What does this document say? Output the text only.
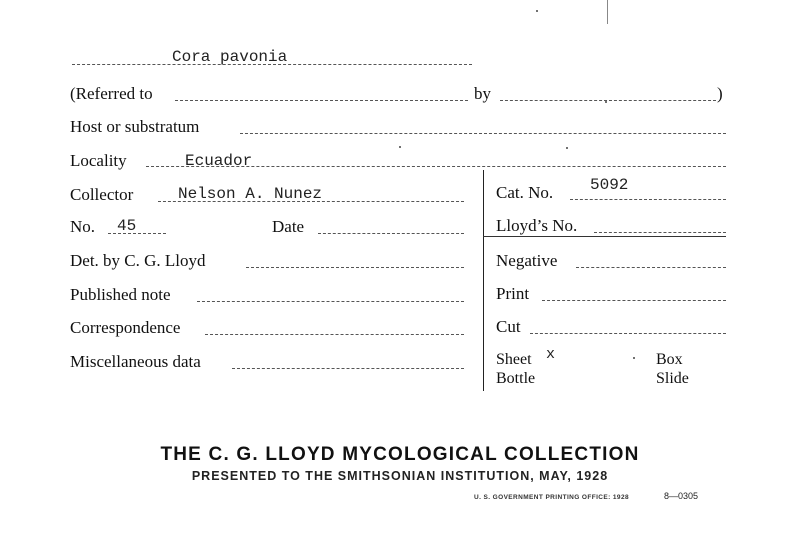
Cora pavonia
(Referred to	by	)
Host or substratum
Locality	Ecuador
Collector	Nelson A. Nunez	Cat. No. 5092
No. 45	Date	Lloyd’s No.
Det. by C. G. Lloyd	Negative
Published note	Print
Correspondence	Cut
Miscellaneous data	Sheet x	Box
Bottle	Slide
THE C. G. LLOYD MYCOLOGICAL COLLECTION
PRESENTED TO THE SMITHSONIAN INSTITUTION, MAY, 1928
U. S. GOVERNMENT PRINTING OFFICE: 1928	8—0305
